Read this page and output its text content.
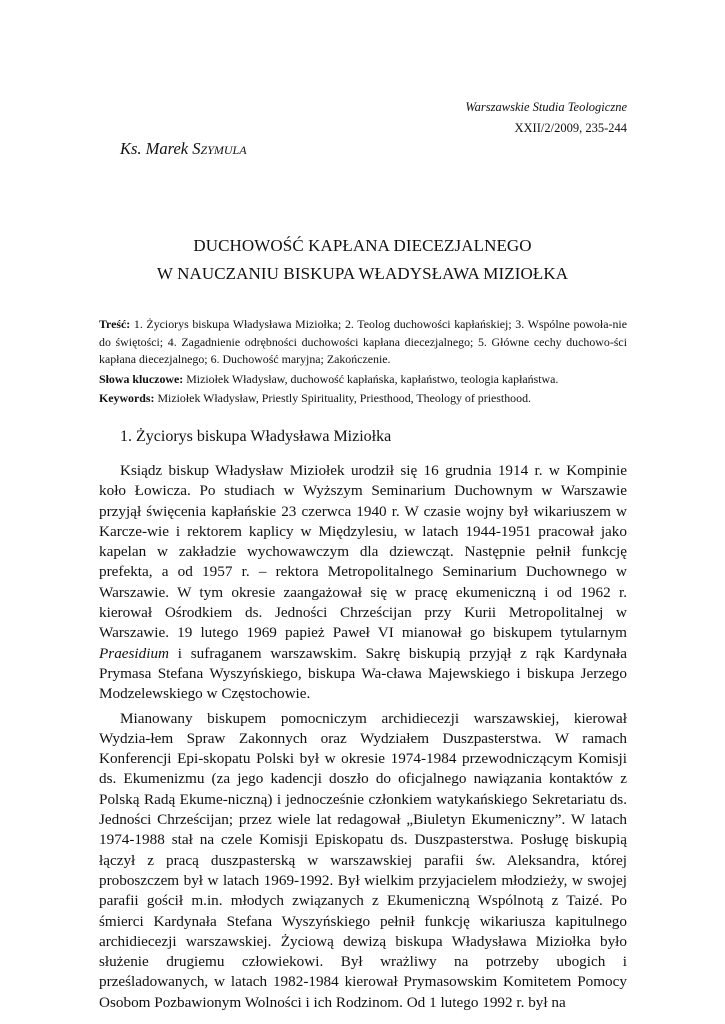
Warszawskie Studia Teologiczne
XXII/2/2009, 235-244
Ks. Marek Szymula
DUCHOWOŚĆ KAPŁANA DIECEZJALNEGO
W NAUCZANIU BISKUPA WŁADYSŁAWA MIZIOŁKA

Treść: 1. Życiorys biskupa Władysława Miziołka; 2. Teolog duchowości kapłańskiej; 3. Wspólne powoła-nie do świętości; 4. Zagadnienie odrębności duchowości kapłana diecezjalnego; 5. Główne cechy duchowo-ści kapłana diecezjalnego; 6. Duchowość maryjna; Zakończenie.

Słowa kluczowe: Miziołek Władysław, duchowość kapłańska, kapłaństwo, teologia kapłaństwa.

Keywords: Miziołek Władysław, Priestly Spirituality, Priesthood, Theology of priesthood.

1. Życiorys biskupa Władysława Miziołka

Ksiądz biskup Władysław Miziołek urodził się 16 grudnia 1914 r. w Kompinie koło Łowicza. Po studiach w Wyższym Seminarium Duchownym w Warszawie przyjął święcenia kapłańskie 23 czerwca 1940 r. W czasie wojny był wikariuszem w Karcze-wie i rektorem kaplicy w Międzylesiu, w latach 1944-1951 pracował jako kapelan w zakładzie wychowawczym dla dziewcząt. Następnie pełnił funkcję prefekta, a od 1957 r. – rektora Metropolitalnego Seminarium Duchownego w Warszawie. W tym okresie zaangażował się w pracę ekumeniczną i od 1962 r. kierował Ośrodkiem ds. Jedności Chrześcijan przy Kurii Metropolitalnej w Warszawie. 19 lutego 1969 papież Paweł VI mianował go biskupem tytularnym Praesidium i sufraganem warszawskim. Sakrę biskupią przyjął z rąk Kardynała Prymasa Stefana Wyszyńskiego, biskupa Wa-cława Majewskiego i biskupa Jerzego Modzelewskiego w Częstochowie.

Mianowany biskupem pomocniczym archidiecezji warszawskiej, kierował Wydzia-łem Spraw Zakonnych oraz Wydziałem Duszpasterstwa. W ramach Konferencji Epi-skopatu Polski był w okresie 1974-1984 przewodniczącym Komisji ds. Ekumenizmu (za jego kadencji doszło do oficjalnego nawiązania kontaktów z Polską Radą Ekume-niczną) i jednocześnie członkiem watykańskiego Sekretariatu ds. Jedności Chrześcijan; przez wiele lat redagował „Biuletyn Ekumeniczny”. W latach 1974-1988 stał na czele Komisji Episkopatu ds. Duszpasterstwa. Posługę biskupią łączył z pracą duszpasterską w warszawskiej parafii św. Aleksandra, której proboszczem był w latach 1969-1992. Był wielkim przyjacielem młodzieży, w swojej parafii gościł m.in. młodych związanych z Ekumeniczną Wspólnotą z Taizé. Po śmierci Kardynała Stefana Wyszyńskiego pełnił funkcję wikariusza kapitulnego archidiecezji warszawskiej. Życiową dewizą biskupa Władysława Miziołka było służenie drugiemu człowiekowi. Był wrażliwy na potrzeby ubogich i prześladowanych, w latach 1982-1984 kierował Prymasowskim Komitetem Pomocy Osobom Pozbawionym Wolności i ich Rodzinom. Od 1 lutego 1992 r. był na
